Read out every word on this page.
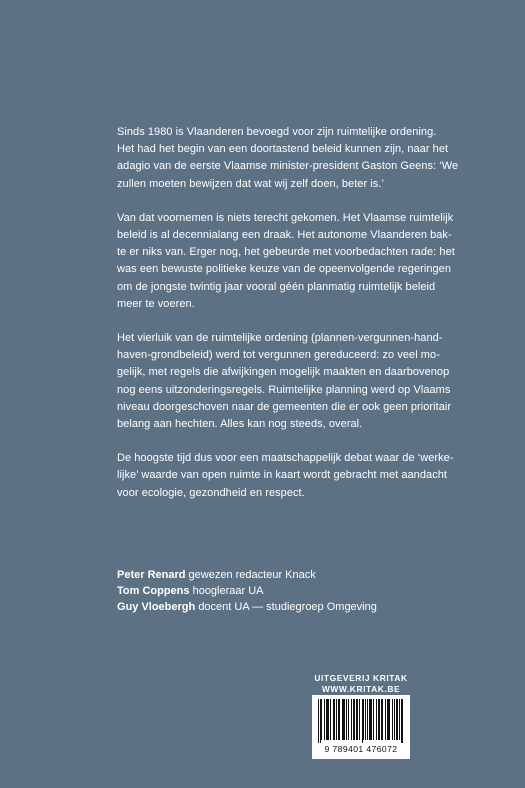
Sinds 1980 is Vlaanderen bevoegd voor zijn ruimtelijke ordening.
Het had het begin van een doortastend beleid kunnen zijn, naar het
adagio van de eerste Vlaamse minister-president Gaston Geens: ‘We
zullen moeten bewijzen dat wat wij zelf doen, beter is.’

Van dat voornemen is niets terecht gekomen. Het Vlaamse ruimtelijk
beleid is al decennialang een draak. Het autonome Vlaanderen bak-
te er niks van. Erger nog, het gebeurde met voorbedachten rade: het
was een bewuste politieke keuze van de opeenvolgende regeringen
om de jongste twintig jaar vooral géén planmatig ruimtelijk beleid
meer te voeren.

Het vierluik van de ruimtelijke ordening (plannen-vergunnen-hand-
haven-grondbeleid) werd tot vergunnen gereduceerd: zo veel mo-
gelijk, met regels die afwijkingen mogelijk maakten en daarbovenop
nog eens uitzonderingsregels. Ruimtelijke planning werd op Vlaams
niveau doorgeschoven naar de gemeenten die er ook geen prioritair
belang aan hechten. Alles kan nog steeds, overal.

De hoogste tijd dus voor een maatschappelijk debat waar de ‘werke-
lijke’ waarde van open ruimte in kaart wordt gebracht met aandacht
voor ecologie, gezondheid en respect.

Peter Renard gewezen redacteur Knack
Tom Coppens hoogleraar UA
Guy Vloebergh docent UA — studiegroep Omgeving
UITGEVERIJ KRITAK
WWW.KRITAK.BE
9 789401 476072
